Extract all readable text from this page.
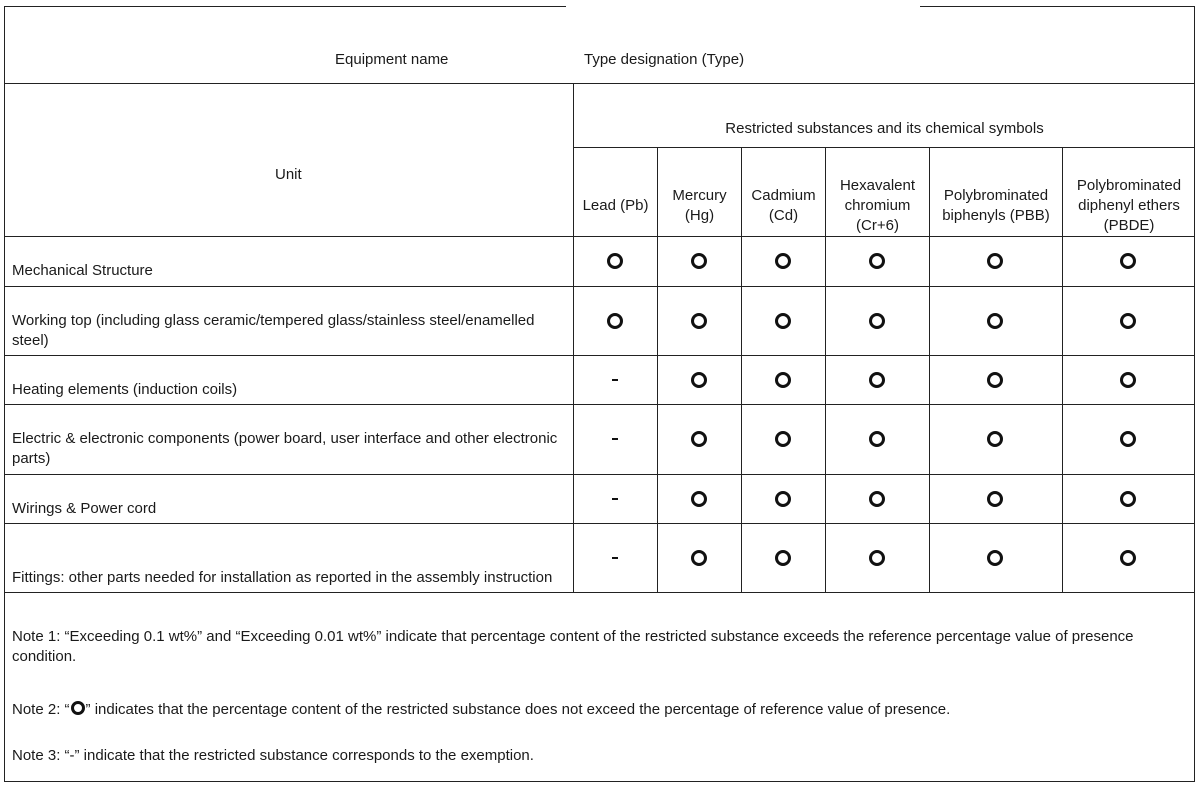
Equipment name	Type designation (Type)
Unit
Restricted substances and its chemical symbols
Lead (Pb)
Mercury (Hg)
Cadmium (Cd)
Hexavalent chromium (Cr+6)
Polybrominated biphenyls (PBB)
Polybrominated diphenyl ethers (PBDE)
Mechanical Structure
Working top (including glass ceramic/tempered glass/stainless steel/enamelled steel)
Heating elements (induction coils)
Electric & electronic components (power board, user interface and other electronic parts)
Wirings & Power cord
Fittings: other parts needed for installation as reported in the assembly instruction
Note 1: “Exceeding 0.1 wt%” and “Exceeding 0.01 wt%” indicate that percentage content of the restricted substance exceeds the reference percentage value of presence condition.
Note 2: “ ” indicates that the percentage content of the restricted substance does not exceed the percentage of reference value of presence.
Note 3: “-” indicate that the restricted substance corresponds to the exemption.
